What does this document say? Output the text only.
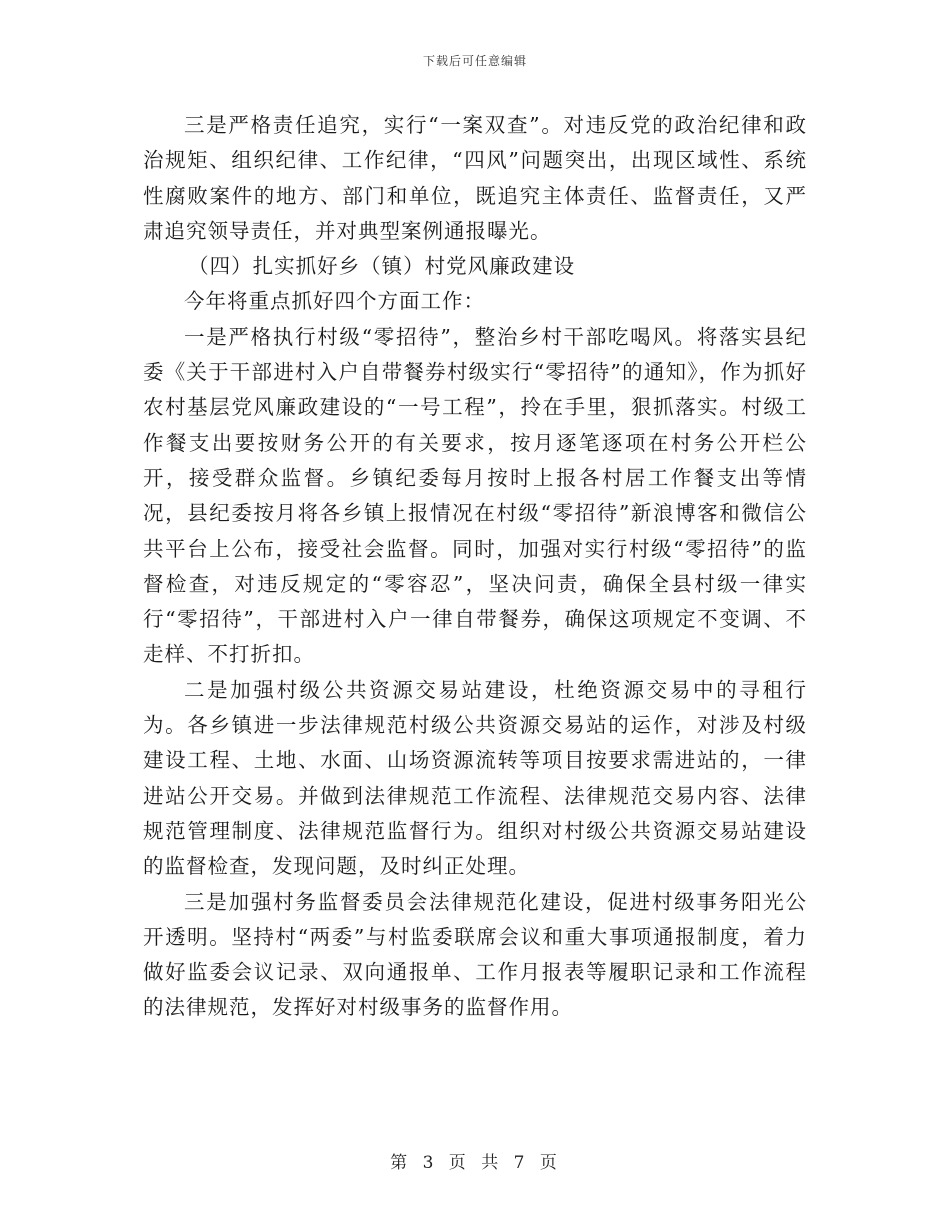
下载后可任意编辑

三是严格责任追究，实行“一案双查”。对违反党的政治纪律和政治规矩、组织纪律、工作纪律，“四风”问题突出，出现区域性、系统性腐败案件的地方、部门和单位，既追究主体责任、监督责任，又严肃追究领导责任，并对典型案例通报曝光。

（四）扎实抓好乡（镇）村党风廉政建设

今年将重点抓好四个方面工作：

一是严格执行村级“零招待”，整治乡村干部吃喝风。将落实县纪委《关于干部进村入户自带餐券村级实行“零招待”的通知》，作为抓好农村基层党风廉政建设的“一号工程”，拎在手里，狠抓落实。村级工作餐支出要按财务公开的有关要求，按月逐笔逐项在村务公开栏公开，接受群众监督。乡镇纪委每月按时上报各村居工作餐支出等情况，县纪委按月将各乡镇上报情况在村级“零招待”新浪博客和微信公共平台上公布，接受社会监督。同时，加强对实行村级“零招待”的监督检查，对违反规定的“零容忍”，坚决问责，确保全县村级一律实行“零招待”，干部进村入户一律自带餐券，确保这项规定不变调、不走样、不打折扣。

二是加强村级公共资源交易站建设，杜绝资源交易中的寻租行为。各乡镇进一步法律规范村级公共资源交易站的运作，对涉及村级建设工程、土地、水面、山场资源流转等项目按要求需进站的，一律进站公开交易。并做到法律规范工作流程、法律规范交易内容、法律规范管理制度、法律规范监督行为。组织对村级公共资源交易站建设的监督检查，发现问题，及时纠正处理。

三是加强村务监督委员会法律规范化建设，促进村级事务阳光公开透明。坚持村“两委”与村监委联席会议和重大事项通报制度，着力做好监委会议记录、双向通报单、工作月报表等履职记录和工作流程的法律规范，发挥好对村级事务的监督作用。

第 3 页 共 7 页
